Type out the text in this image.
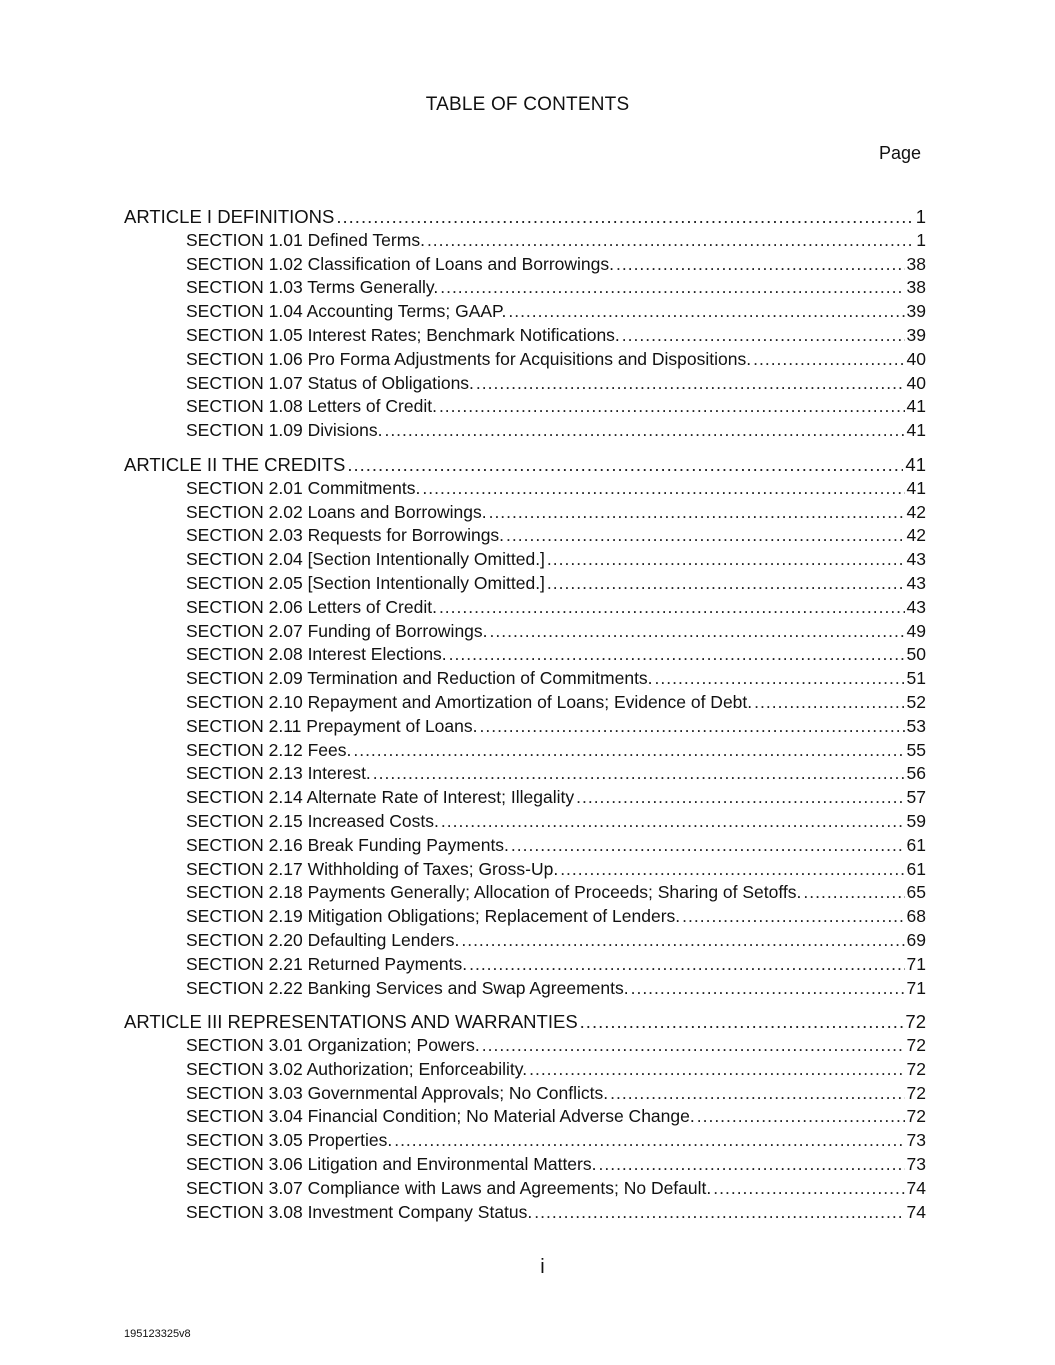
TABLE OF CONTENTS
Page
ARTICLE I DEFINITIONS .....	1
SECTION 1.01 Defined Terms. .....	1
SECTION 1.02 Classification of Loans and Borrowings. .....	38
SECTION 1.03 Terms Generally. .....	38
SECTION 1.04 Accounting Terms; GAAP. .....	39
SECTION 1.05 Interest Rates; Benchmark Notifications. .....	39
SECTION 1.06 Pro Forma Adjustments for Acquisitions and Dispositions. .....	40
SECTION 1.07 Status of Obligations. .....	40
SECTION 1.08 Letters of Credit. .....	41
SECTION 1.09 Divisions. .....	41
ARTICLE II THE CREDITS .....	41
SECTION 2.01 Commitments. .....	41
SECTION 2.02 Loans and Borrowings. .....	42
SECTION 2.03 Requests for Borrowings. .....	42
SECTION 2.04 [Section Intentionally Omitted.] .....	43
SECTION 2.05 [Section Intentionally Omitted.] .....	43
SECTION 2.06 Letters of Credit. .....	43
SECTION 2.07 Funding of Borrowings. .....	49
SECTION 2.08 Interest Elections. .....	50
SECTION 2.09 Termination and Reduction of Commitments. .....	51
SECTION 2.10 Repayment and Amortization of Loans; Evidence of Debt. .....	52
SECTION 2.11 Prepayment of Loans. .....	53
SECTION 2.12 Fees. .....	55
SECTION 2.13 Interest. .....	56
SECTION 2.14 Alternate Rate of Interest; Illegality .....	57
SECTION 2.15 Increased Costs. .....	59
SECTION 2.16 Break Funding Payments. .....	61
SECTION 2.17 Withholding of Taxes; Gross-Up. .....	61
SECTION 2.18 Payments Generally; Allocation of Proceeds; Sharing of Setoffs. .....	65
SECTION 2.19 Mitigation Obligations; Replacement of Lenders. .....	68
SECTION 2.20 Defaulting Lenders. .....	69
SECTION 2.21 Returned Payments. .....	71
SECTION 2.22 Banking Services and Swap Agreements. .....	71
ARTICLE III REPRESENTATIONS AND WARRANTIES .....	72
SECTION 3.01 Organization; Powers. .....	72
SECTION 3.02 Authorization; Enforceability. .....	72
SECTION 3.03 Governmental Approvals; No Conflicts. .....	72
SECTION 3.04 Financial Condition; No Material Adverse Change. .....	72
SECTION 3.05 Properties. .....	73
SECTION 3.06 Litigation and Environmental Matters. .....	73
SECTION 3.07 Compliance with Laws and Agreements; No Default. .....	74
SECTION 3.08 Investment Company Status. .....	74
i
195123325v8
